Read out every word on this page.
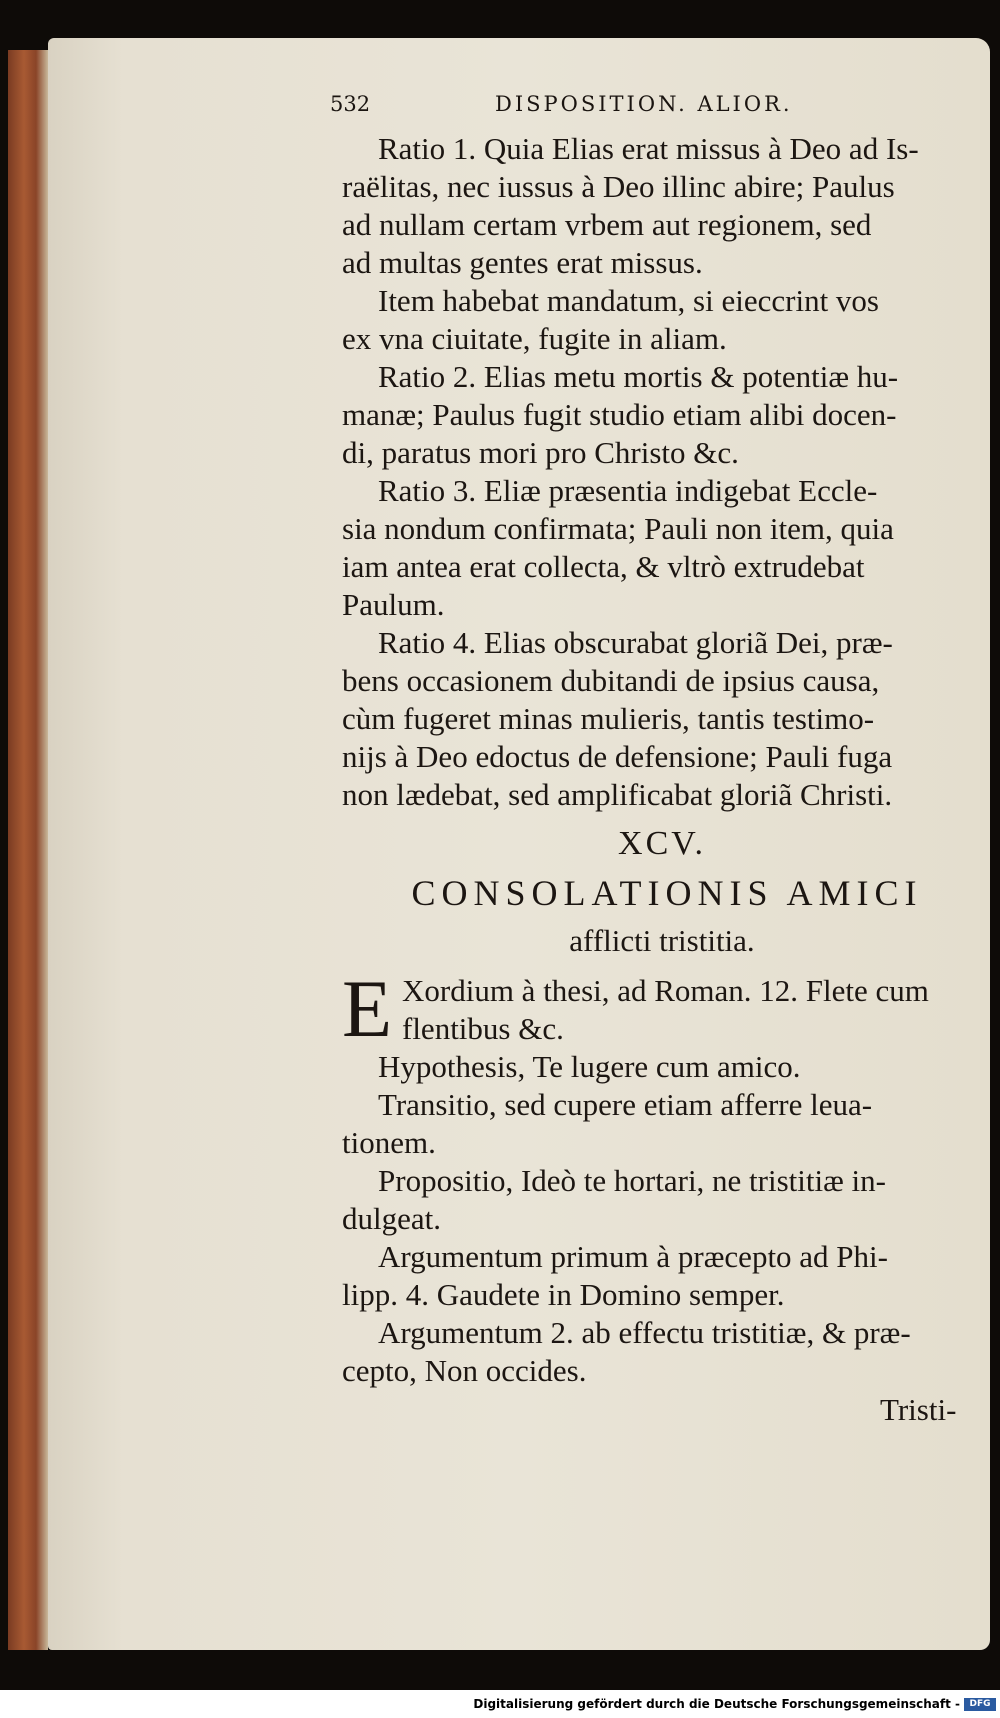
532	DISPOSITION. ALIOR.
Ratio 1. Quia Elias erat missus à Deo ad Is-
raëlitas, nec iussus à Deo illinc abire; Paulus
ad nullam certam vrbem aut regionem, sed
ad multas gentes erat missus.
Item habebat mandatum, si eieccrint vos
ex vna ciuitate, fugite in aliam.
Ratio 2. Elias metu mortis & potentiæ hu-
manæ; Paulus fugit studio etiam alibi docen-
di, paratus mori pro Christo &c.
Ratio 3. Eliæ præsentia indigebat Eccle-
sia nondum confirmata; Pauli non item, quia
iam antea erat collecta, & vltrò extrudebat
Paulum.
Ratio 4. Elias obscurabat gloriã Dei, præ-
bens occasionem dubitandi de ipsius causa,
cùm fugeret minas mulieris, tantis testimo-
nijs à Deo edoctus de defensione; Pauli fuga
non lædebat, sed amplificabat gloriã Christi.
XCV.
CONSOLATIONIS AMICI
afflicti tristitia.
E Xordium à thesi, ad Roman. 12. Flete cum
flentibus &c.
Hypothesis, Te lugere cum amico.
Transitio, sed cupere etiam afferre leua-
tionem.
Propositio, Ideò te hortari, ne tristitiæ in-
dulgeat.
Argumentum primum à præcepto ad Phi-
lipp. 4. Gaudete in Domino semper.
Argumentum 2. ab effectu tristitiæ, & præ-
cepto, Non occides.
Tristi-
Digitalisierung gefördert durch die Deutsche Forschungsgemeinschaft -	DFG
